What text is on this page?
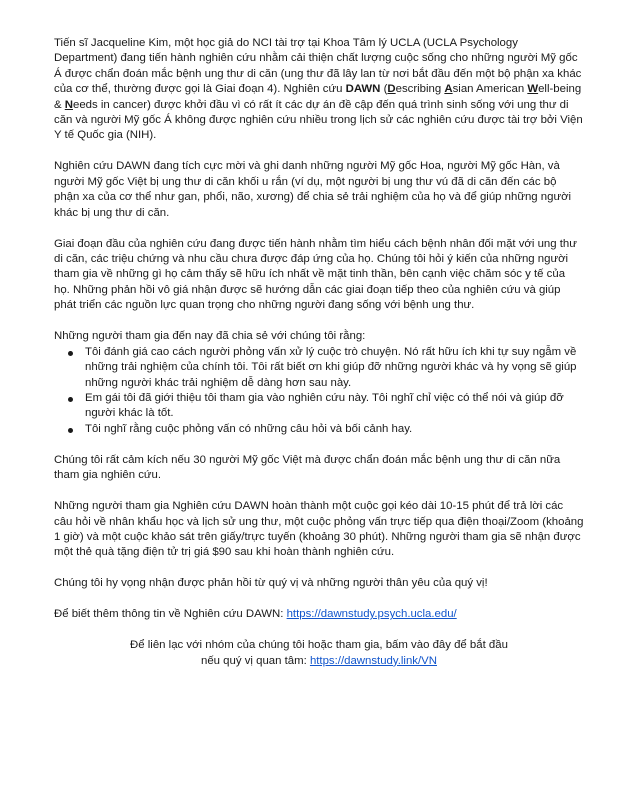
Tiến sĩ Jacqueline Kim, một học giả do NCI tài trợ tại Khoa Tâm lý UCLA (UCLA Psychology Department) đang tiến hành nghiên cứu nhằm cải thiện chất lượng cuộc sống cho những người Mỹ gốc Á được chẩn đoán mắc bệnh ung thư di căn (ung thư đã lây lan từ nơi bắt đầu đến một bộ phận xa khác của cơ thể, thường được gọi là Giai đoạn 4). Nghiên cứu DAWN (Describing Asian American Well-being & Needs in cancer) được khởi đầu vì có rất ít các dự án đề cập đến quá trình sinh sống với ung thư di căn và người Mỹ gốc Á không được nghiên cứu nhiều trong lịch sử các nghiên cứu được tài trợ bởi Viện Y tế Quốc gia (NIH).

Nghiên cứu DAWN đang tích cực mời và ghi danh những người Mỹ gốc Hoa, người Mỹ gốc Hàn, và người Mỹ gốc Việt bị ung thư di căn khối u rắn (ví dụ, một người bị ung thư vú đã di căn đến các bộ phận xa của cơ thể như gan, phổi, não, xương) để chia sẻ trải nghiệm của họ và để giúp những người khác bị ung thư di căn.

Giai đoạn đầu của nghiên cứu đang được tiến hành nhằm tìm hiểu cách bệnh nhân đối mặt với ung thư di căn, các triệu chứng và nhu cầu chưa được đáp ứng của họ. Chúng tôi hỏi ý kiến của những người tham gia về những gì họ cảm thấy sẽ hữu ích nhất về mặt tinh thần, bên cạnh việc chăm sóc y tế của họ. Những phản hồi vô giá nhận được sẽ hướng dẫn các giai đoạn tiếp theo của nghiên cứu và giúp phát triển các nguồn lực quan trọng cho những người đang sống với bệnh ung thư.

Những người tham gia đến nay đã chia sẻ với chúng tôi rằng:

Tôi đánh giá cao cách người phỏng vấn xử lý cuộc trò chuyện. Nó rất hữu ích khi tự suy ngẫm về những trải nghiệm của chính tôi. Tôi rất biết ơn khi giúp đỡ những người khác và hy vọng sẽ giúp những người khác trải nghiệm dễ dàng hơn sau này.
Em gái tôi đã giới thiệu tôi tham gia vào nghiên cứu này. Tôi nghĩ chỉ việc có thể nói và giúp đỡ người khác là tốt.
Tôi nghĩ rằng cuộc phỏng vấn có những câu hỏi và bối cảnh hay.

Chúng tôi rất cảm kích nếu 30 người Mỹ gốc Việt mà được chẩn đoán mắc bệnh ung thư di căn nữa tham gia nghiên cứu.

Những người tham gia Nghiên cứu DAWN hoàn thành một cuộc gọi kéo dài 10-15 phút để trả lời các câu hỏi về nhân khẩu học và lịch sử ung thư, một cuộc phỏng vấn trực tiếp qua điện thoại/Zoom (khoảng 1 giờ) và một cuộc khảo sát trên giấy/trực tuyến (khoảng 30 phút). Những người tham gia sẽ nhận được một thẻ quà tặng điện tử trị giá $90 sau khi hoàn thành nghiên cứu.

Chúng tôi hy vọng nhận được phản hồi từ quý vị và những người thân yêu của quý vị!

Để biết thêm thông tin về Nghiên cứu DAWN: https://dawnstudy.psych.ucla.edu/

Để liên lạc với nhóm của chúng tôi hoặc tham gia, bấm vào đây để bắt đầu

nếu quý vị quan tâm: https://dawnstudy.link/VN
